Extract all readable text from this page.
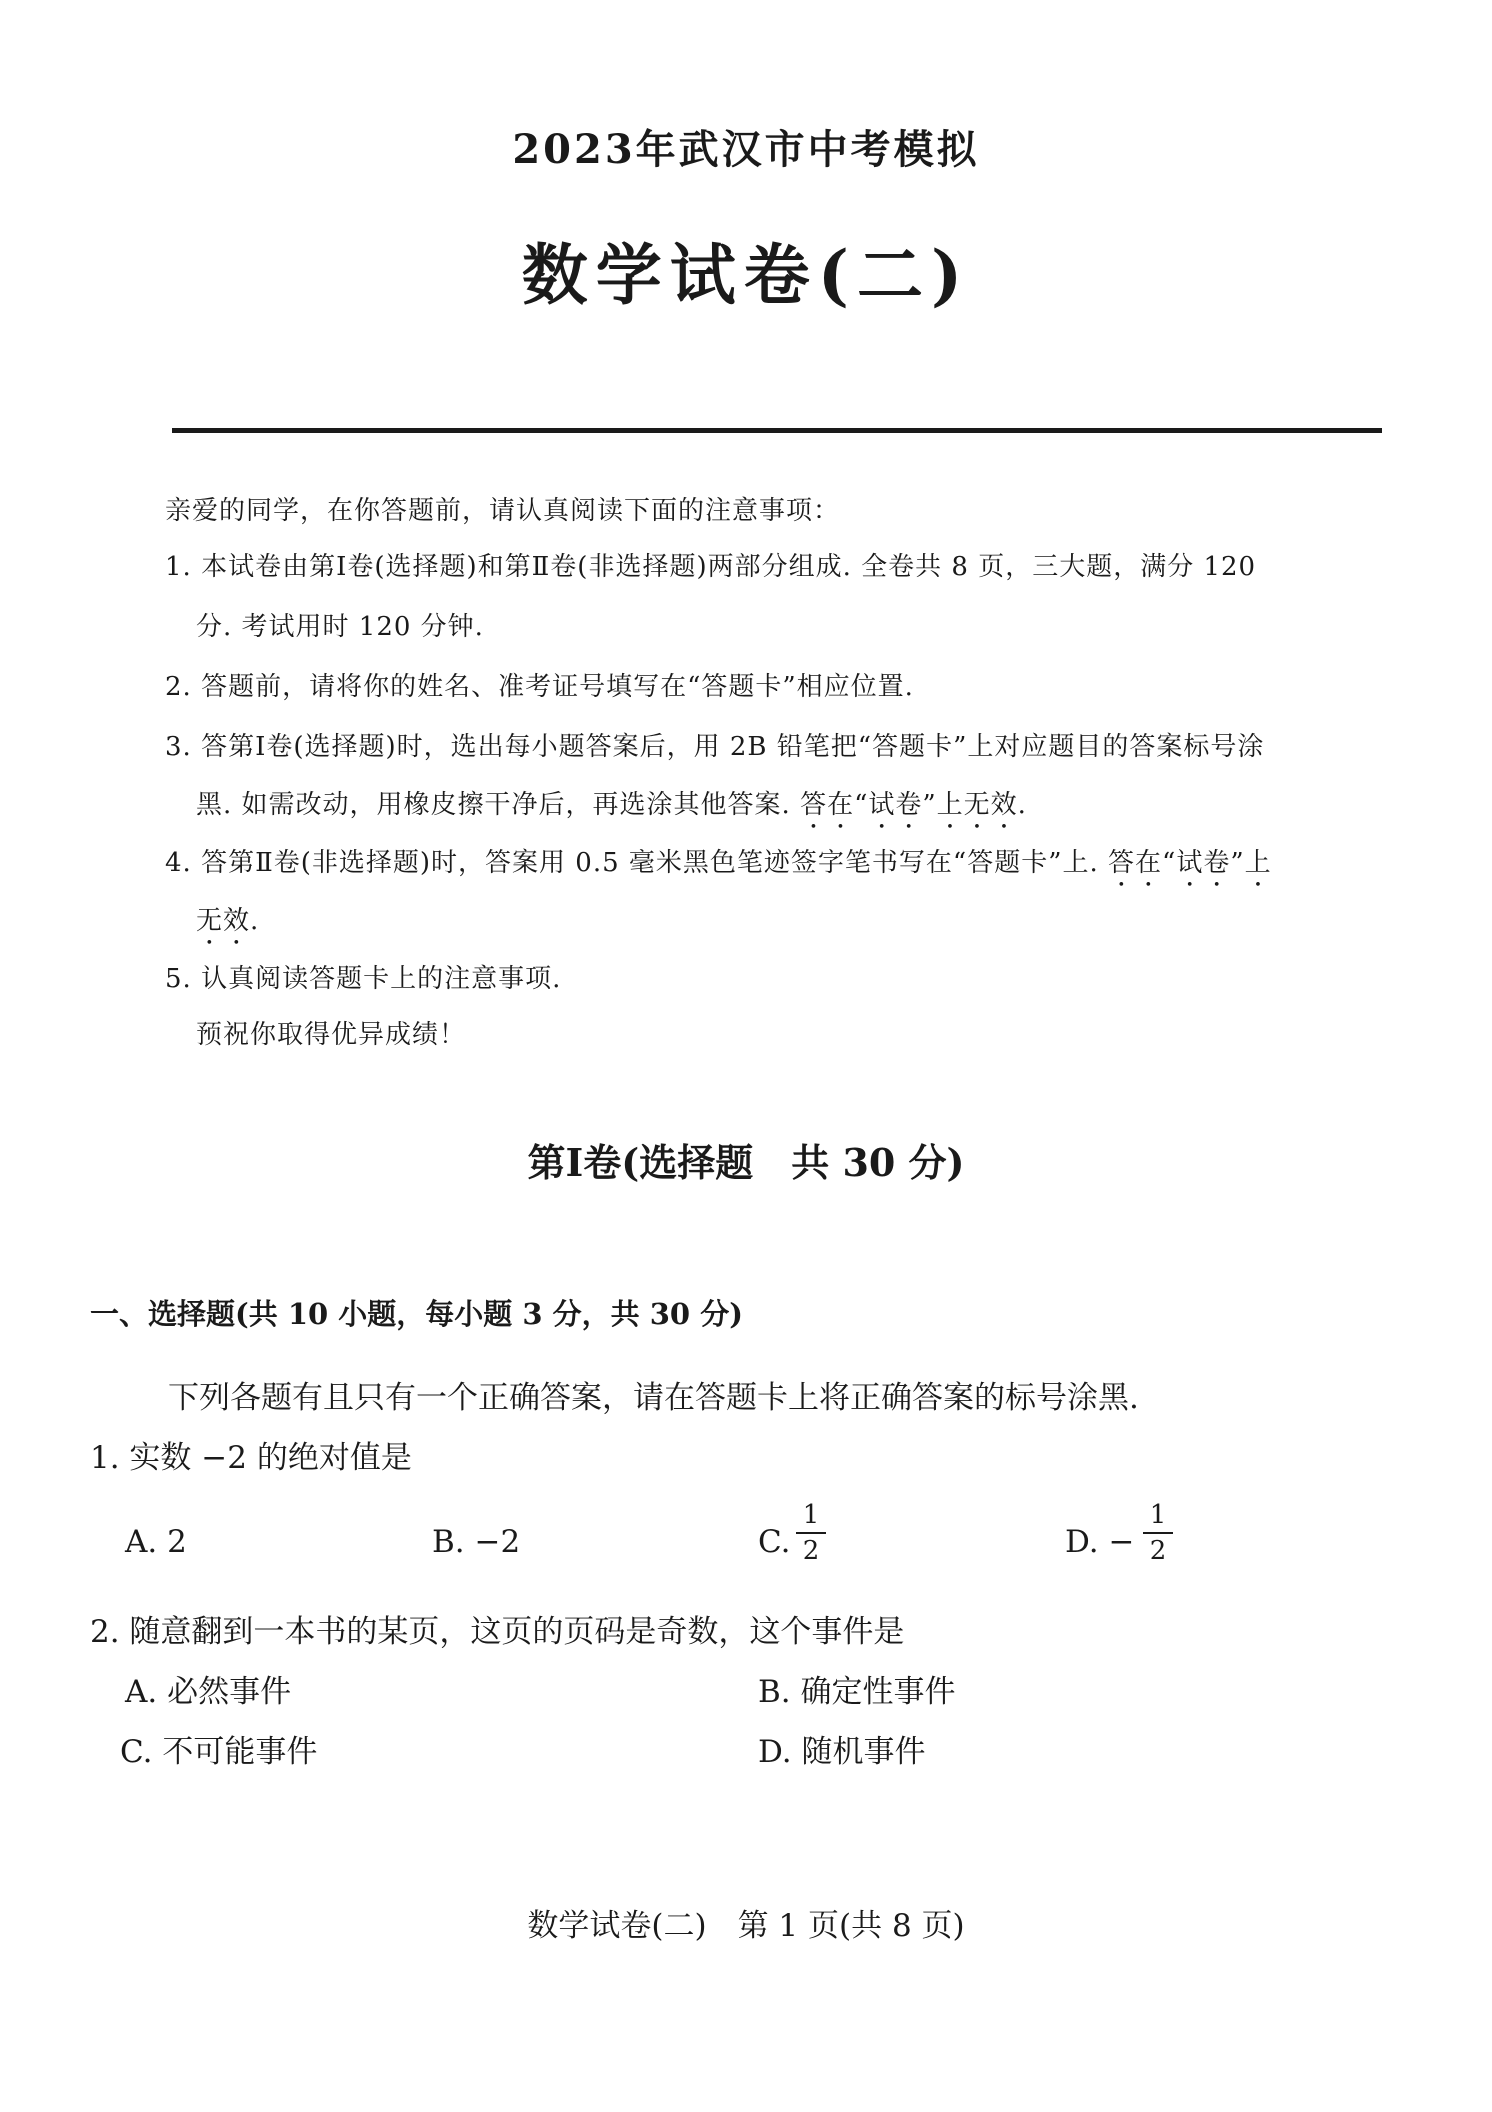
2023年武汉市中考模拟
数学试卷(二)
亲爱的同学，在你答题前，请认真阅读下面的注意事项：
1. 本试卷由第Ⅰ卷(选择题)和第Ⅱ卷(非选择题)两部分组成. 全卷共 8 页，三大题，满分 120
分. 考试用时 120 分钟.
2. 答题前，请将你的姓名、准考证号填写在“答题卡”相应位置.
3. 答第Ⅰ卷(选择题)时，选出每小题答案后，用 2B 铅笔把“答题卡”上对应题目的答案标号涂
黑. 如需改动，用橡皮擦干净后，再选涂其他答案. 答在“试卷”上无效.
4. 答第Ⅱ卷(非选择题)时，答案用 0.5 毫米黑色笔迹签字笔书写在“答题卡”上. 答在“试卷”上
无效.
5. 认真阅读答题卡上的注意事项.
预祝你取得优异成绩！
第Ⅰ卷(选择题　共 30 分)
一、选择题(共 10 小题，每小题 3 分，共 30 分)
下列各题有且只有一个正确答案，请在答题卡上将正确答案的标号涂黑.
1. 实数 −2 的绝对值是
A. 2	B. −2	C.
1
2	D. −
1
2
2. 随意翻到一本书的某页，这页的页码是奇数，这个事件是
A. 必然事件	B. 确定性事件
C. 不可能事件	D. 随机事件
数学试卷(二)　第 1 页(共 8 页)
